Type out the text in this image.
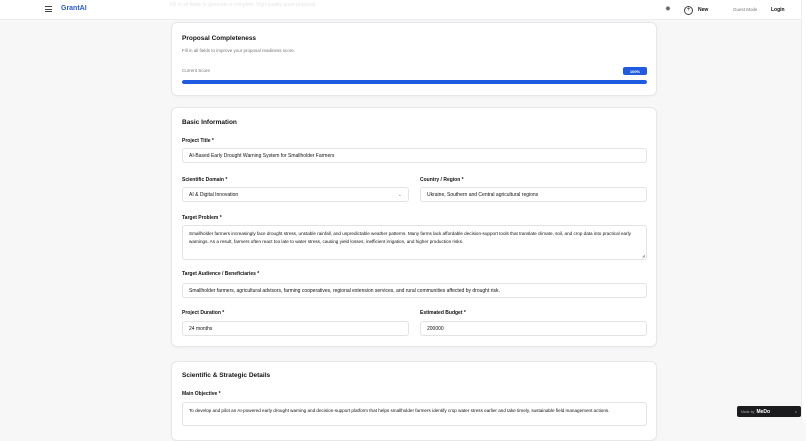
GrantAI	Fill in all fields to generate a complete, high-quality grant proposal.
✹	+	New	Guest Mode	Login
Proposal Completeness
Fill in all fields to improve your proposal readiness score.
Current Score	100%
Basic Information
Project Title *
AI-Based Early Drought Warning System for Smallholder Farmers
Scientific Domain *
AI & Digital Innovation	⌄
Country / Region *
Ukraine, Southern and Central agricultural regions
Target Problem *
Smallholder farmers increasingly face drought stress, unstable rainfall, and unpredictable weather patterns. Many farms lack affordable decision-support tools that translate climate, soil, and crop data into practical early warnings. As a result, farmers often react too late to water stress, causing yield losses, inefficient irrigation, and higher production risks.
◢
Target Audience / Beneficiaries *
Smallholder farmers, agricultural advisors, farming cooperatives, regional extension services, and rural communities affected by drought risk.
Project Duration *
24 months
Estimated Budget *
200000
Scientific & Strategic Details
Main Objective *
To develop and pilot an AI-powered early drought warning and decision-support platform that helps smallholder farmers identify crop water stress earlier and take timely, sustainable field management actions.	Made by MeDo	×
